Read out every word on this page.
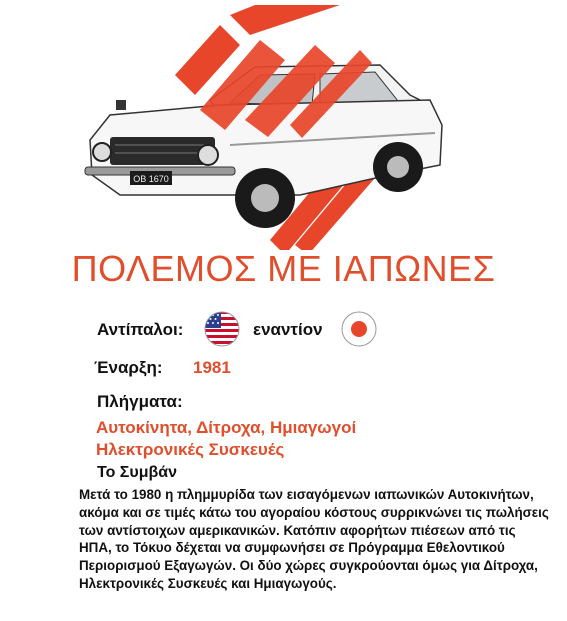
ΟΒ 1670
ΠΟΛΕΜΟΣ ΜΕ ΙΑΠΩΝΕΣ
Αντίπαλοι:	εναντίον
Έναρξη: 1981
Πλήγματα:
Αυτοκίνητα, Δίτροχα, Ημιαγωγοί
Ηλεκτρονικές Συσκευές
Το Συμβάν
Μετά το 1980 η πλημμυρίδα των εισαγόμενων ιαπωνικών Αυτοκινήτων, ακόμα και σε τιμές κάτω του αγοραίου κόστους συρρικνώνει τις πωλήσεις των αντίστοιχων αμερικανικών. Κατόπιν αφορήτων πιέσεων από τις ΗΠΑ, το Τόκυο δέχεται να συμφωνήσει σε Πρόγραμμα Εθελοντικού Περιορισμού Εξαγωγών. Οι δύο χώρες συγκρούονται όμως για Δίτροχα, Ηλεκτρονικές Συσκευές και Ημιαγωγούς.
